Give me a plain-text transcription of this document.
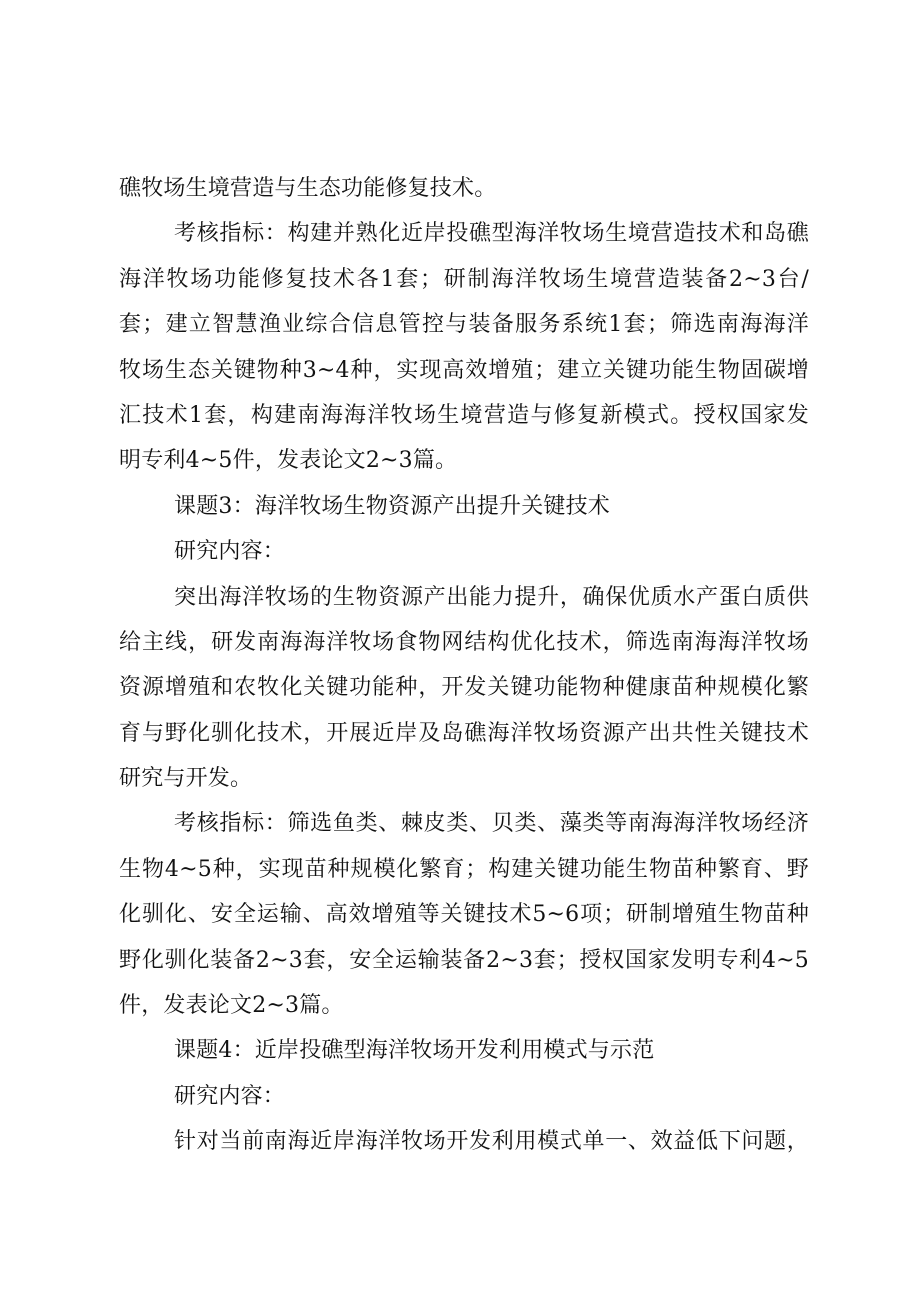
礁牧场生境营造与生态功能修复技术。
考核指标：构建并熟化近岸投礁型海洋牧场生境营造技术和岛礁
海洋牧场功能修复技术各1套；研制海洋牧场生境营造装备2~3台/
套；建立智慧渔业综合信息管控与装备服务系统1套；筛选南海海洋
牧场生态关键物种3~4种，实现高效增殖；建立关键功能生物固碳增
汇技术1套，构建南海海洋牧场生境营造与修复新模式。授权国家发
明专利4~5件，发表论文2~3篇。
课题3：海洋牧场生物资源产出提升关键技术
研究内容：
突出海洋牧场的生物资源产出能力提升，确保优质水产蛋白质供
给主线，研发南海海洋牧场食物网结构优化技术，筛选南海海洋牧场
资源增殖和农牧化关键功能种，开发关键功能物种健康苗种规模化繁
育与野化驯化技术，开展近岸及岛礁海洋牧场资源产出共性关键技术
研究与开发。
考核指标：筛选鱼类、棘皮类、贝类、藻类等南海海洋牧场经济
生物4~5种，实现苗种规模化繁育；构建关键功能生物苗种繁育、野
化驯化、安全运输、高效增殖等关键技术5~6项；研制增殖生物苗种
野化驯化装备2~3套，安全运输装备2~3套；授权国家发明专利4~5
件，发表论文2~3篇。
课题4：近岸投礁型海洋牧场开发利用模式与示范
研究内容：
针对当前南海近岸海洋牧场开发利用模式单一、效益低下问题，
